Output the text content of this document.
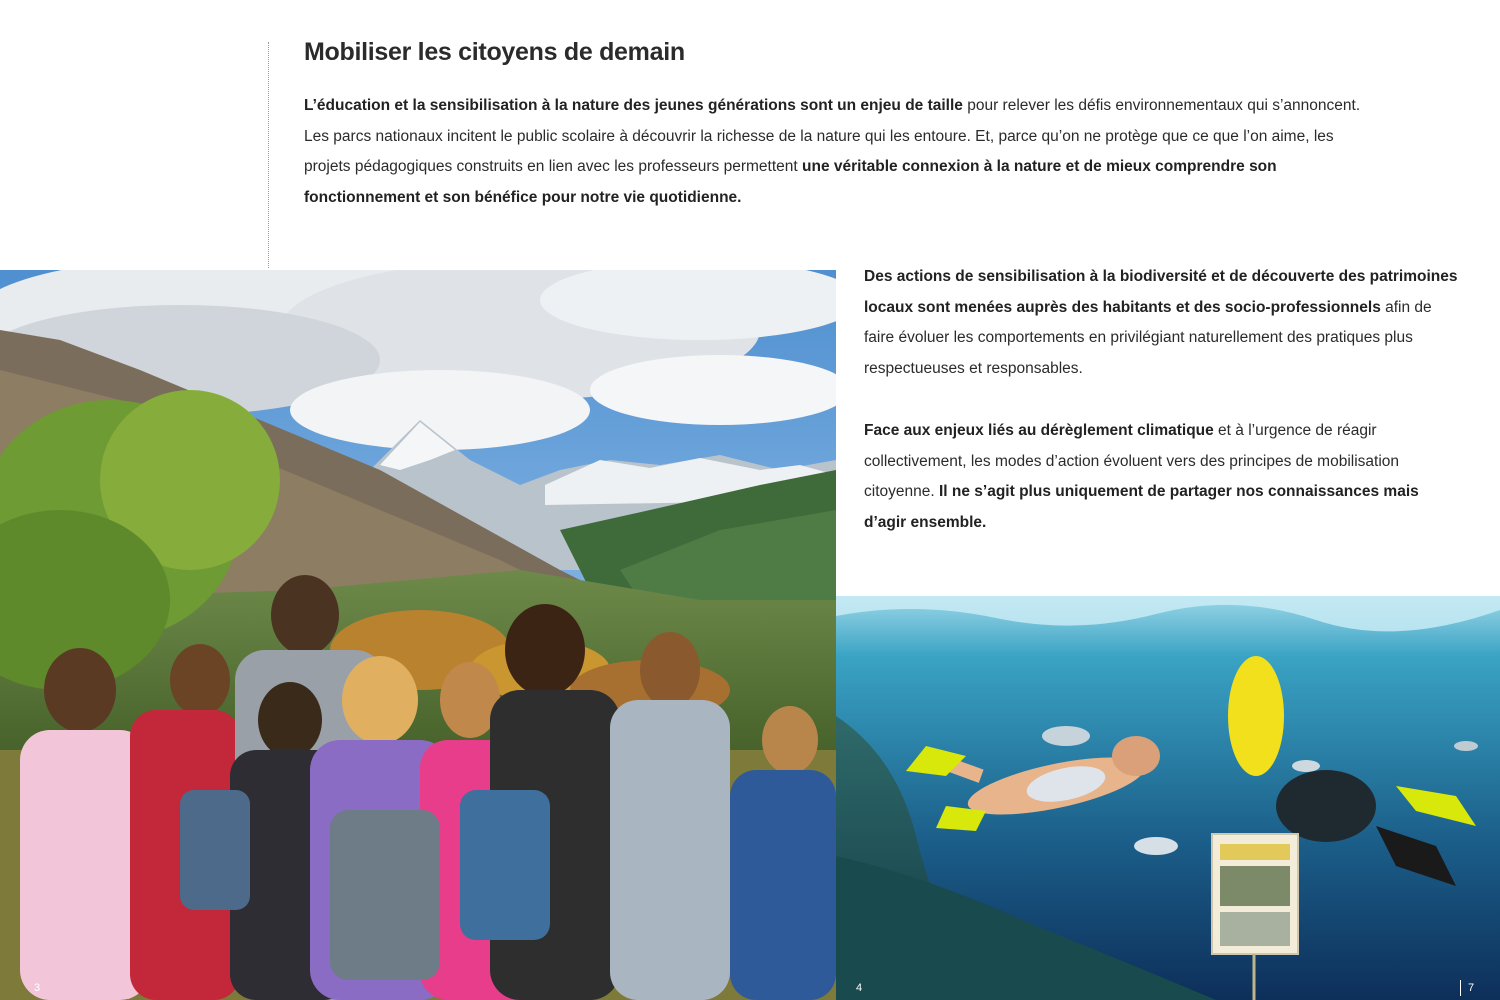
Mobiliser les citoyens de demain

L’éducation et la sensibilisation à la nature des jeunes générations sont un enjeu de taille pour relever les défis environnementaux qui s’annoncent. Les parcs nationaux incitent le public scolaire à découvrir la richesse de la nature qui les entoure. Et, parce qu’on ne protège que ce que l’on aime, les projets pédagogiques construits en lien avec les professeurs permettent une véritable connexion à la nature et de mieux comprendre son fonctionnement et son bénéfice pour notre vie quotidienne.

Des actions de sensibilisation à la biodiversité et de découverte des patrimoines locaux sont menées auprès des habitants et des socio-professionnels afin de faire évoluer les comportements en privilégiant naturellement des pratiques plus respectueuses et responsables.

Face aux enjeux liés au dérèglement climatique et à l’urgence de réagir collectivement, les modes d’action évoluent vers des principes de mobilisation citoyenne. Il ne s’agit plus uniquement de partager nos connaissances mais d’agir ensemble.

3	4	7
